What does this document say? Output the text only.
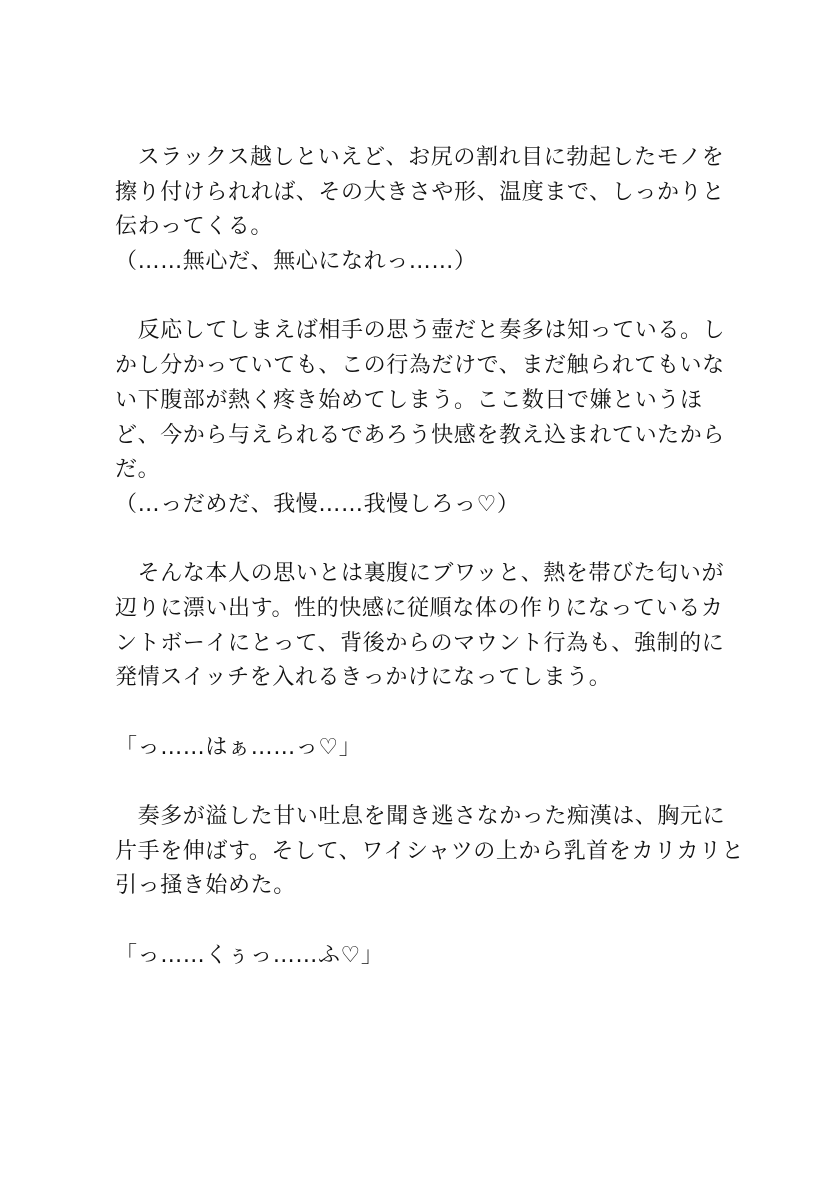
　スラックス越しといえど、お尻の割れ目に勃起したモノを
擦り付けられれば、その大きさや形、温度まで、しっかりと
伝わってくる。
（……無心だ、無心になれっ……）
　反応してしまえば相手の思う壺だと奏多は知っている。し
かし分かっていても、この行為だけで、まだ触られてもいな
い下腹部が熱く疼き始めてしまう。ここ数日で嫌というほ
ど、今から与えられるであろう快感を教え込まれていたから
だ。
（…っだめだ、我慢……我慢しろっ♡）
　そんな本人の思いとは裏腹にブワッと、熱を帯びた匂いが
辺りに漂い出す。性的快感に従順な体の作りになっているカ
ントボーイにとって、背後からのマウント行為も、強制的に
発情スイッチを入れるきっかけになってしまう。
「っ……はぁ……っ♡」
　奏多が溢した甘い吐息を聞き逃さなかった痴漢は、胸元に
片手を伸ばす。そして、ワイシャツの上から乳首をカリカリと
引っ掻き始めた。
「っ……くぅっ……ふ♡」
